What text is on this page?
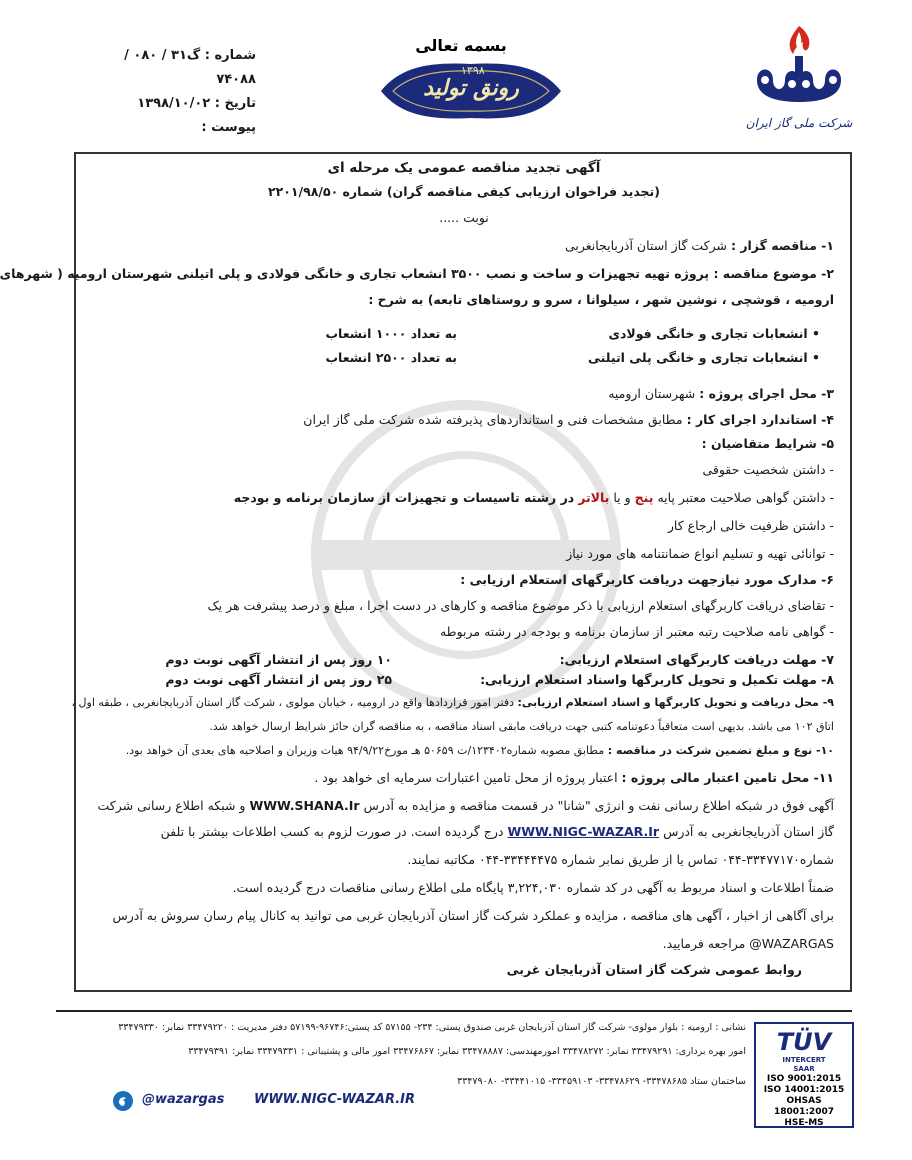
شرکت ملی گاز ایران
بسمه تعالی
۱۳۹۸
رونق تولید
شماره : گ۳۱ / ۰۸۰ / ۷۴۰۸۸
تاریخ : ۱۳۹۸/۱۰/۰۲
پیوست :
آگهی تجدید مناقصه عمومی یک مرحله ای
(تجدید فراخوان ارزیابی کیفی مناقصه گران) شماره ۲۲۰۱/۹۸/۵۰
نوبت .....
۱- مناقصه گزار : شرکت گاز استان آذربایجانغربی
۲- موضوع مناقصه : پروژه تهیه تجهیزات و ساخت و نصب ۳۵۰۰ انشعاب تجاری و خانگی فولادی و پلی اتیلنی شهرستان ارومیه ( شهرهای
ارومیه ، قوشچی ، نوشین شهر ، سیلوانا ، سرو و روستاهای تابعه) به شرح :
• انشعابات تجاری و خانگی فولادی
به تعداد ۱۰۰۰ انشعاب
• انشعابات تجاری و خانگی پلی اتیلنی
به تعداد ۲۵۰۰ انشعاب
۳- محل اجرای پروژه : شهرستان ارومیه
۴- استاندارد اجرای کار : مطابق مشخصات فنی و استانداردهای پذیرفته شده شرکت ملی گاز ایران
۵- شرایط متقاضیان :
- داشتن شخصیت حقوقی
- داشتن گواهی صلاحیت معتبر پایه پنج و یا بالاتر در رشته تاسیسات و تجهیزات از سازمان برنامه و بودجه
- داشتن ظرفیت خالی ارجاع کار
- توانائی تهیه و تسلیم انواع ضمانتنامه های مورد نیاز
۶- مدارک مورد نیازجهت دریافت کاربرگهای استعلام ارزیابی :
- تقاضای دریافت کاربرگهای استعلام ارزیابی با ذکر موضوع مناقصه و کارهای در دست اجرا ، مبلغ و درصد پیشرفت هر یک
- گواهی نامه صلاحیت رتبه معتبر از سازمان برنامه و بودجه در رشته مربوطه
۷- مهلت دریافت کاربرگهای استعلام ارزیابی:
۱۰ روز پس از انتشار آگهی نوبت دوم
۸- مهلت تکمیل و تحویل کاربرگها واسناد استعلام ارزیابی:
۲۵ روز پس از انتشار آگهی نوبت دوم
۹- محل دریافت و تحویل کاربرگها و اسناد استعلام ارزیابی: دفتر امور قراردادها واقع در ارومیه ، خیابان مولوی ، شرکت گاز استان آذربایجانغربی ، طبقه اول ،
اتاق ۱۰۲ می باشد. بدیهی است متعاقباً دعوتنامه کتبی جهت دریافت مابقی اسناد مناقصه ، به مناقصه گران حائز شرایط ارسال خواهد شد.
۱۰- نوع و مبلغ تضمین شرکت در مناقصه : مطابق مصوبه شماره۱۲۳۴۰۲/ت ۵۰۶۵۹ هـ مورخ۹۴/۹/۲۲ هیات وزیران و اصلاحیه های بعدی آن خواهد بود.
۱۱- محل تامین اعتبار مالی پروژه : اعتبار پروژه از محل تامین اعتبارات سرمایه ای خواهد بود .
آگهی فوق در شبکه اطلاع رسانی نفت و انرژی "شانا" در قسمت مناقصه و مزایده به آدرس WWW.SHANA.Ir و شبکه اطلاع رسانی شرکت
گاز استان آذربایجانغربی به آدرس WWW.NIGC-WAZAR.Ir درج گردیده است. در صورت لزوم به کسب اطلاعات بیشتر با تلفن
شماره۳۳۴۷۷۱۷۰-۰۴۴ تماس یا از طریق نمابر شماره ۳۳۴۴۴۴۷۵-۰۴۴ مکاتبه نمایند.
ضمناً اطلاعات و اسناد مربوط به آگهی در کد شماره ۳,۲۲۴,۰۳۰ پایگاه ملی اطلاع رسانی مناقصات درج گردیده است.
برای آگاهی از اخبار ، آگهی های مناقصه ، مزایده و عملکرد شرکت گاز استان آذربایجان غربی می توانید به کانال پیام رسان سروش به آدرس
WAZARGAS@ مراجعه فرمایید.
روابط عمومی شرکت گاز استان آذربایجان غربی
TÜV
INTERCERT
SAAR
ISO 9001:2015
ISO 14001:2015
OHSAS 18001:2007
HSE-MS
نشانی : ارومیه : بلوار مولوی- شرکت گاز استان آذربایجان غربی صندوق پستی: ۲۳۴- ۵۷۱۵۵ کد پستی:۹۶۷۴۶-۵۷۱۹۹ دفتر مدیریت : ۳۳۴۷۹۲۲۰ نمابر: ۳۳۴۷۹۳۳۰
امور بهره برداری: ۳۳۴۷۹۲۹۱ نمابر: ۳۳۴۷۸۲۷۲ امورمهندسی: ۳۳۴۷۸۸۸۷ نمابر: ۳۳۴۷۶۸۶۷ امور مالی و پشتیبانی : ۳۳۴۷۹۳۳۱ نمابر: ۳۳۴۷۹۳۹۱
ساختمان ستاد ۳۳۴۷۸۶۸۵- ۳۳۴۷۸۶۲۹- ۳۳۴۵۹۱۰۳- ۳۳۴۴۱۰۱۵- ۳۳۴۷۹۰۸۰
WWW.NIGC-WAZAR.IR
@wazargas
